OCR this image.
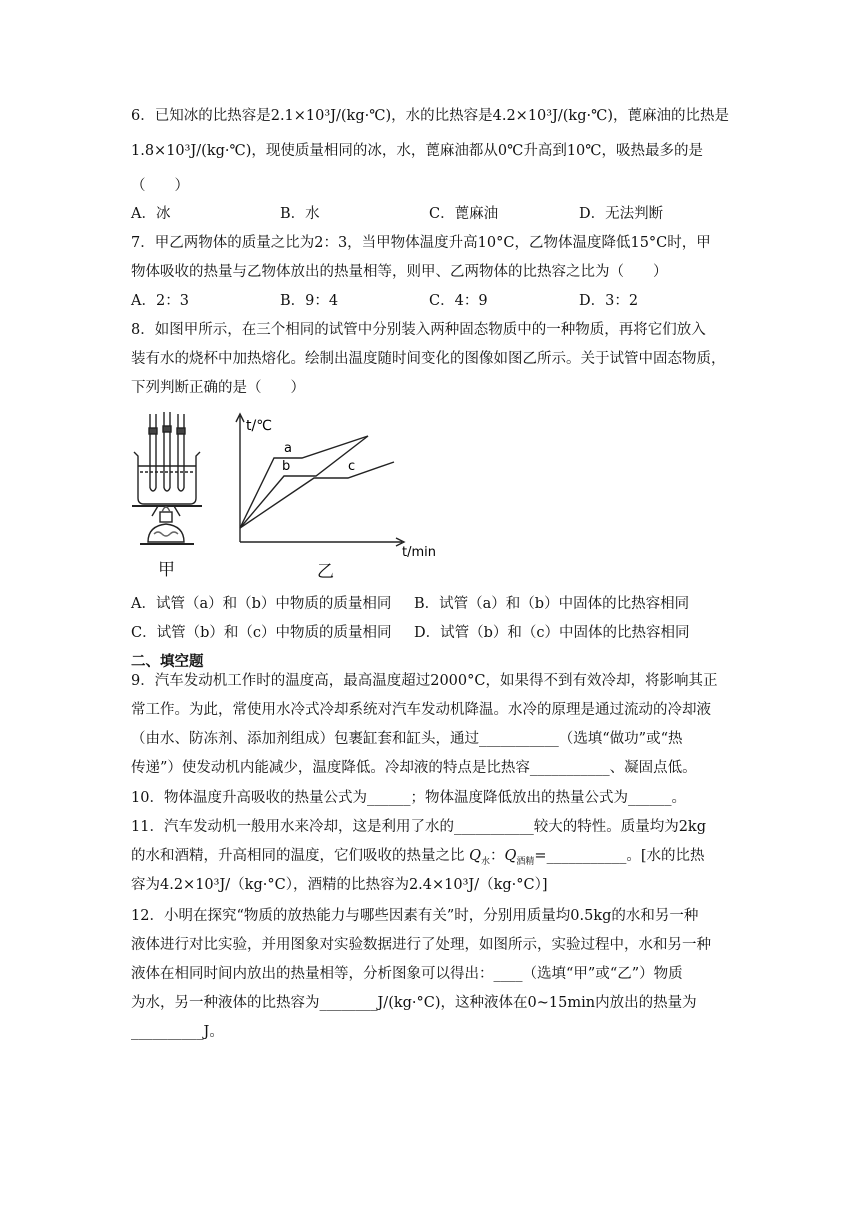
6．已知冰的比热容是2.1×10³J/(kg·℃)，水的比热容是4.2×10³J/(kg·℃)，蓖麻油的比热是
1.8×10³J/(kg·℃)，现使质量相同的冰，水，蓖麻油都从0℃升高到10℃，吸热最多的是
（　　）
A．冰	B．水	C．蓖麻油	D．无法判断
7．甲乙两物体的质量之比为2：3，当甲物体温度升高10°C，乙物体温度降低15°C时，甲
物体吸收的热量与乙物体放出的热量相等，则甲、乙两物体的比热容之比为（　　）
A．2：3	B．9：4	C．4：9	D．3：2
8．如图甲所示，在三个相同的试管中分别装入两种固态物质中的一种物质，再将它们放入
装有水的烧杯中加热熔化。绘制出温度随时间变化的图像如图乙所示。关于试管中固态物质，
下列判断正确的是（　　）
甲
t/℃
t/min
a
b	c
乙
A．试管（a）和（b）中物质的质量相同 B．试管（a）和（b）中固体的比热容相同
C．试管（b）和（c）中物质的质量相同 D．试管（b）和（c）中固体的比热容相同
二、填空题
9．汽车发动机工作时的温度高，最高温度超过2000°C，如果得不到有效冷却，将影响其正
常工作。为此，常使用水冷式冷却系统对汽车发动机降温。水冷的原理是通过流动的冷却液
（由水、防冻剂、添加剂组成）包裹缸套和缸头，通过___________（选填“做功”或“热
传递”）使发动机内能减少，温度降低。冷却液的特点是比热容___________、凝固点低。
10．物体温度升高吸收的热量公式为______；物体温度降低放出的热量公式为______。
11．汽车发动机一般用水来冷却，这是利用了水的___________较大的特性。质量均为2kg
的水和酒精，升高相同的温度，它们吸收的热量之比 $Q_水$：$Q_{酒精}=\_\_\_\_\_\_\_\_\_\_\_$。[水的比热
容为4.2×10³J/（kg·°C），酒精的比热容为2.4×10³J/（kg·°C）]
12．小明在探究“物质的放热能力与哪些因素有关”时，分别用质量均0.5kg的水和另一种
液体进行对比实验，并用图象对实验数据进行了处理，如图所示，实验过程中，水和另一种
液体在相同时间内放出的热量相等，分析图象可以得出：____（选填“甲”或“乙”）物质
为水，另一种液体的比热容为________J/(kg·°C)，这种液体在0~15min内放出的热量为
__________J。
